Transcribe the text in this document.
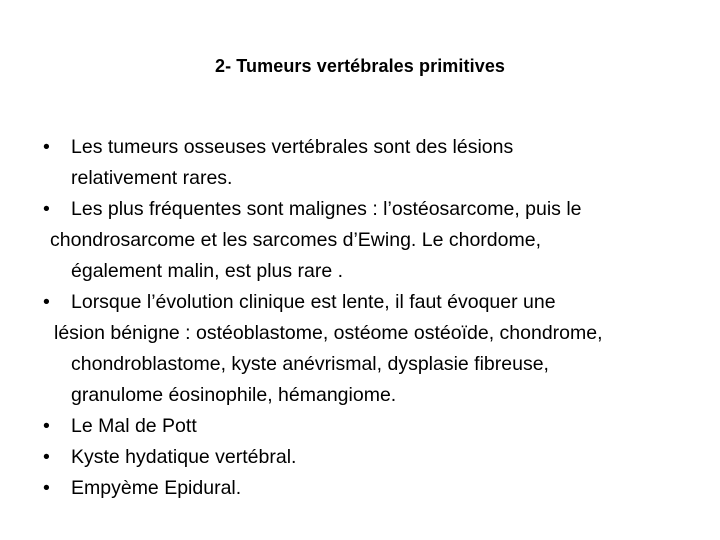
2- Tumeurs vertébrales primitives
• Les tumeurs osseuses vertébrales sont des lésions
relativement rares.
• Les plus fréquentes sont malignes : l’ostéosarcome, puis le
chondrosarcome et les sarcomes d’Ewing. Le chordome,
également malin, est plus rare .
• Lorsque l’évolution clinique est lente, il faut évoquer une
lésion bénigne : ostéoblastome, ostéome ostéoïde, chondrome,
chondroblastome, kyste anévrismal, dysplasie fibreuse,
granulome éosinophile, hémangiome.
• Le Mal de Pott
• Kyste hydatique vertébral.
• Empyème Epidural.
